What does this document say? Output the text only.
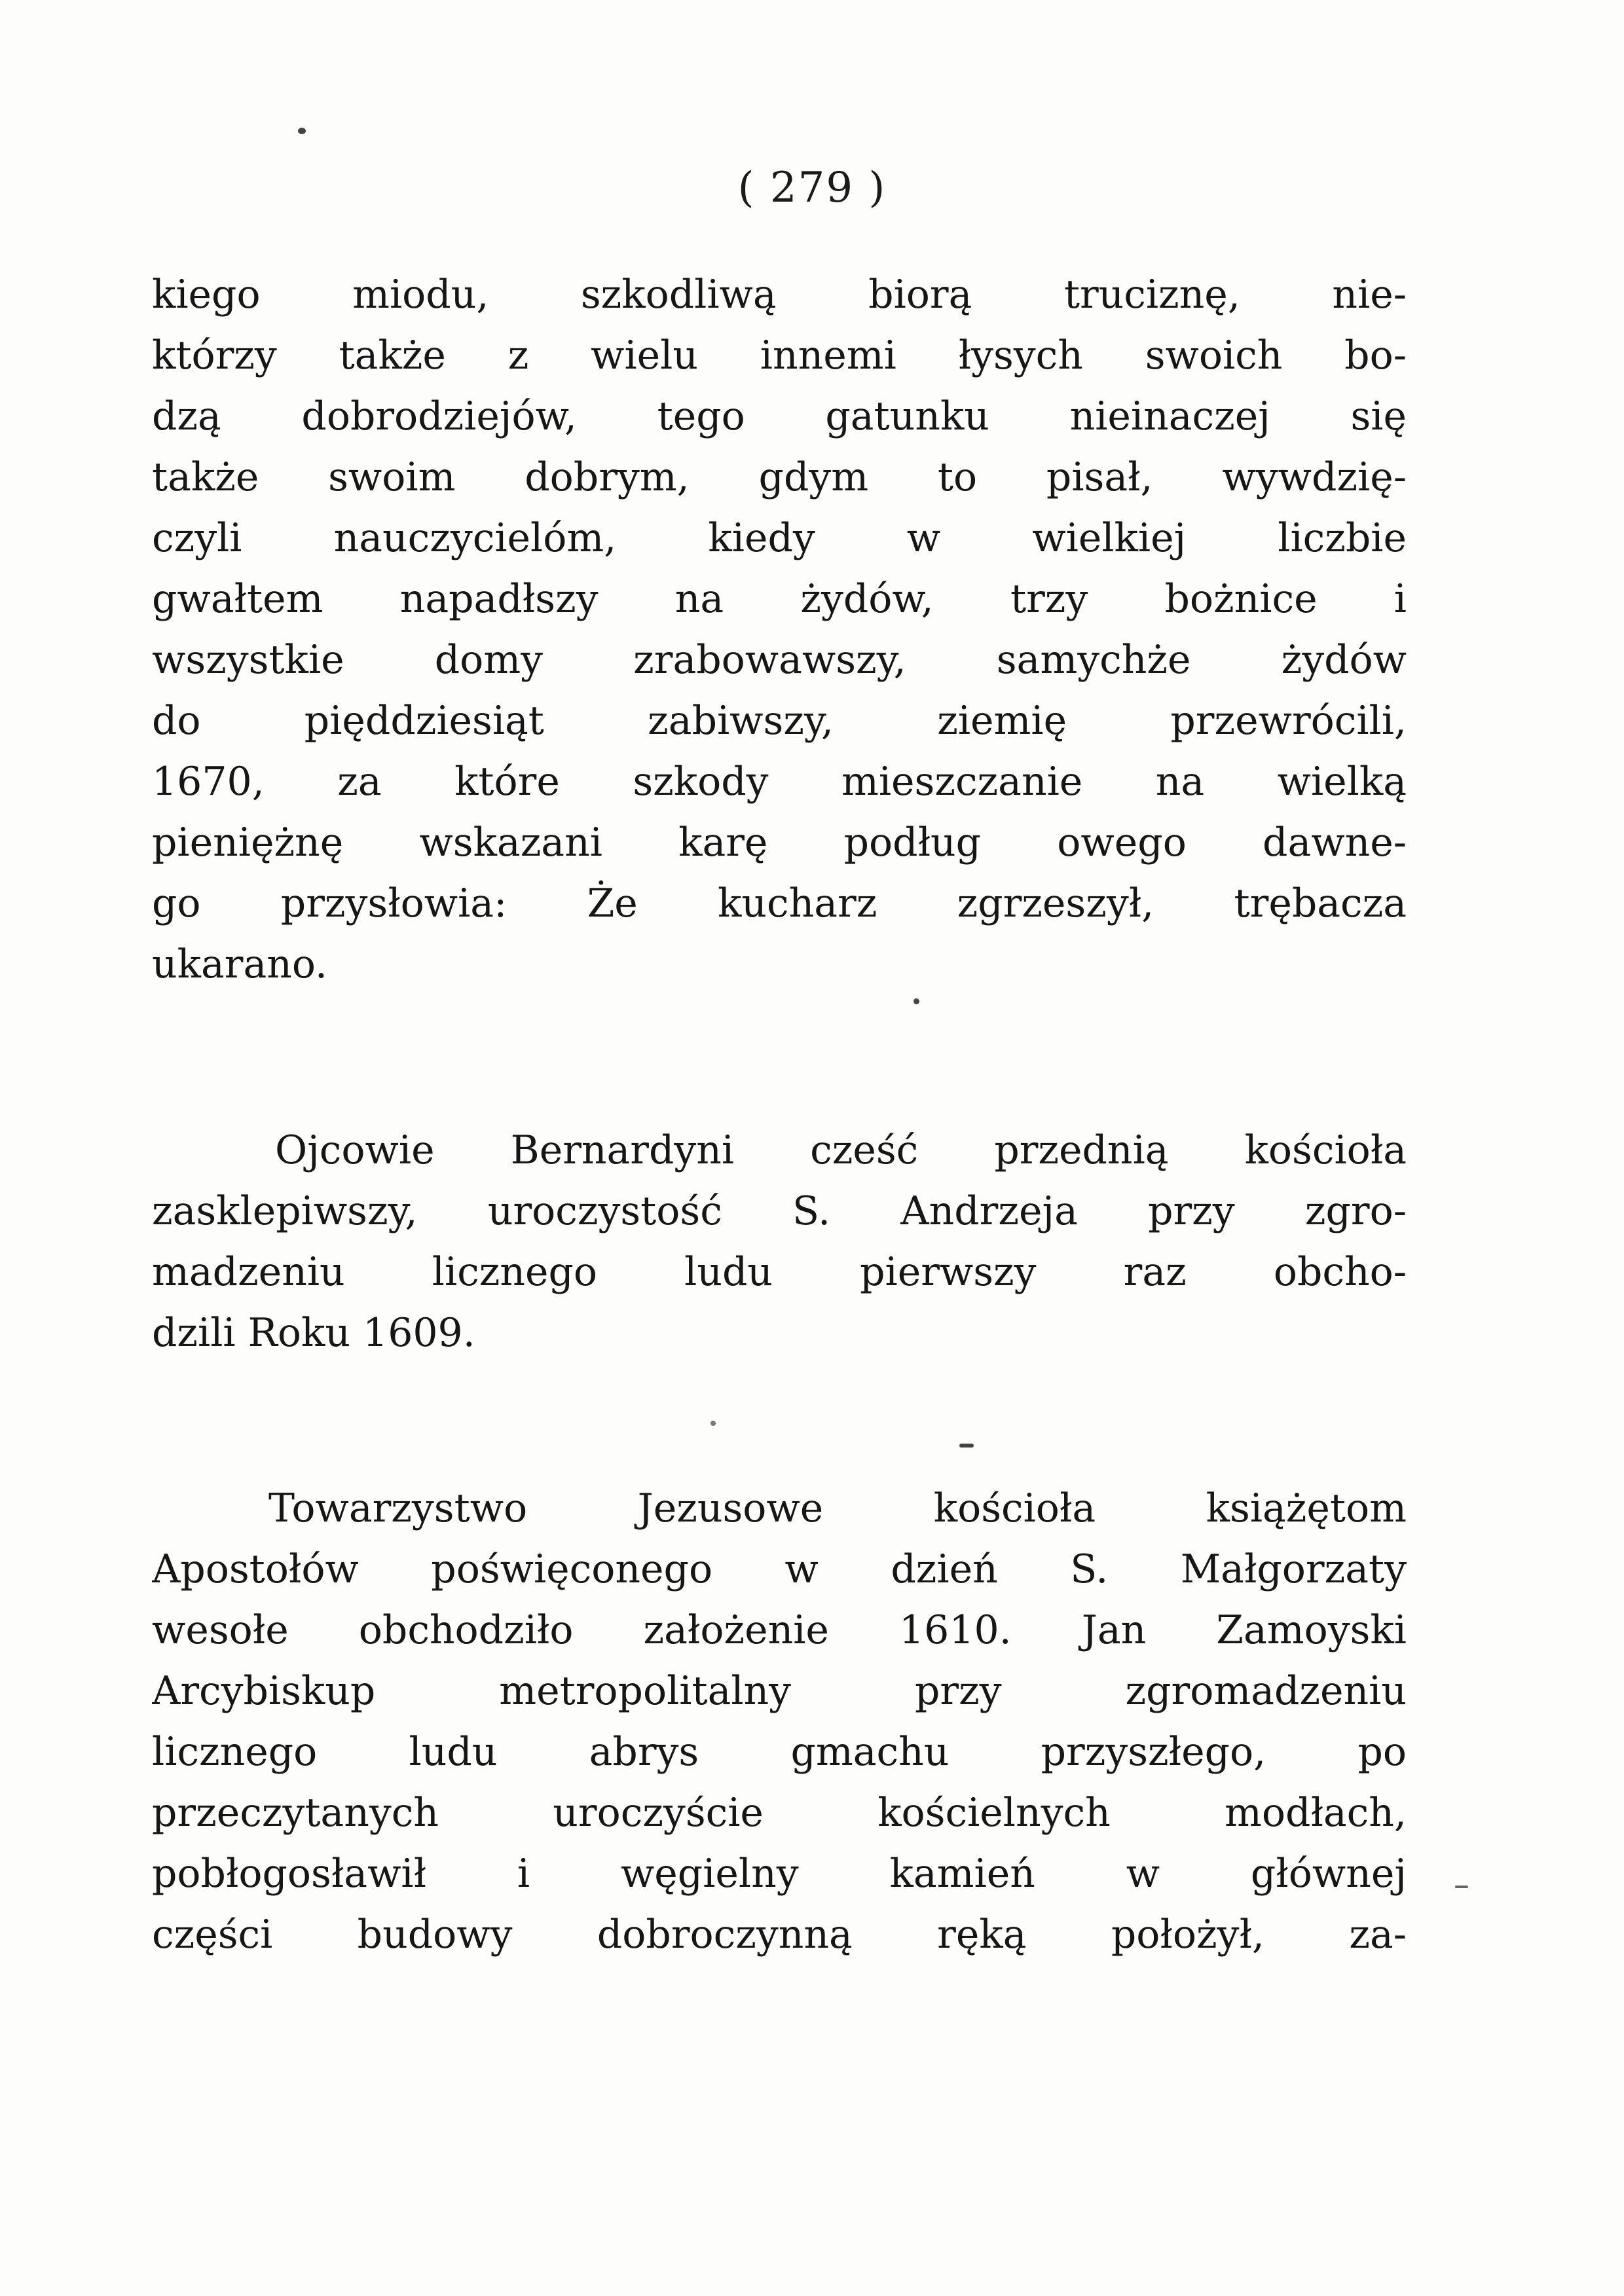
( 279 )
kiego miodu, szkodliwą biorą truciznę, nie-
którzy także z wielu innemi łysych swoich bo-
dzą dobrodziejów, tego gatunku nieinaczej się
także swoim dobrym, gdym to pisał, wywdzię-
czyli nauczycielóm, kiedy w wielkiej liczbie
gwałtem napadłszy na żydów, trzy bożnice i
wszystkie domy zrabowawszy, samychże żydów
do pięddziesiąt zabiwszy, ziemię przewrócili,
1670, za które szkody mieszczanie na wielką
pieniężnę wskazani karę podług owego dawne-
go przysłowia: Że kucharz zgrzeszył, trębacza
ukarano.
Ojcowie Bernardyni cześć przednią kościoła
zasklepiwszy, uroczystość S. Andrzeja przy zgro-
madzeniu licznego ludu pierwszy raz obcho-
dzili Roku 1609.
Towarzystwo Jezusowe kościoła książętom
Apostołów poświęconego w dzień S. Małgorzaty
wesołe obchodziło założenie 1610. Jan Zamoyski
Arcybiskup metropolitalny przy zgromadzeniu
licznego ludu abrys gmachu przyszłego, po
przeczytanych uroczyście kościelnych modłach,
pobłogosławił i węgielny kamień w głównej
części budowy dobroczynną ręką położył, za-
